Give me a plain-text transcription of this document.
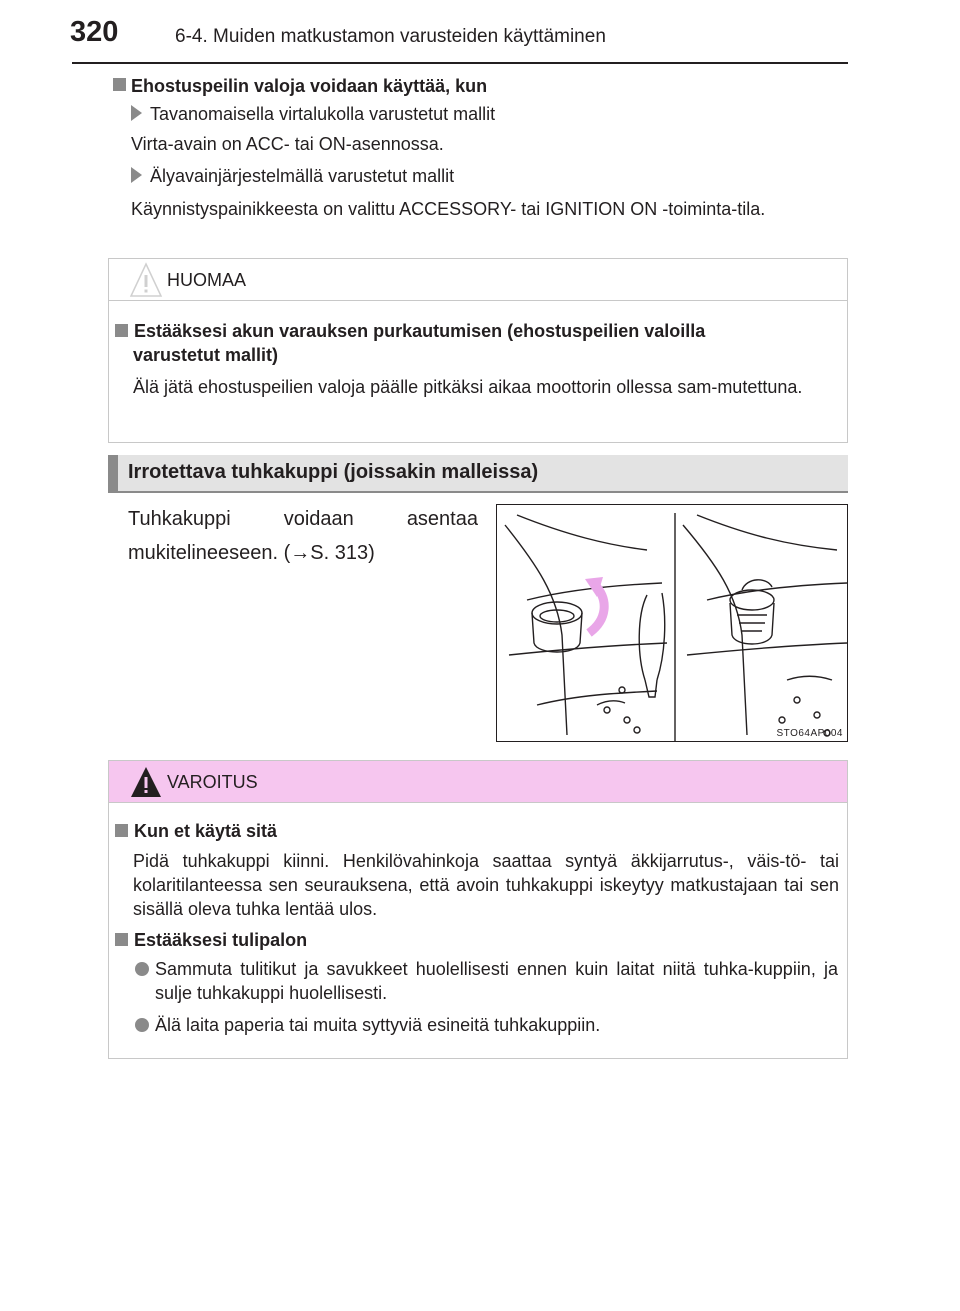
320	6-4. Muiden matkustamon varusteiden käyttäminen
Ehostuspeilin valoja voidaan käyttää, kun
Tavanomaisella virtalukolla varustetut mallit
Virta-avain on ACC- tai ON-asennossa.
Älyavainjärjestelmällä varustetut mallit
Käynnistyspainikkeesta on valittu ACCESSORY- tai IGNITION ON -toiminta-tila.
HUOMAA
Estääksesi akun varauksen purkautumisen (ehostuspeilien valoilla
varustetut mallit)
Älä jätä ehostuspeilien valoja päälle pitkäksi aikaa moottorin ollessa sam-mutettuna.
Irrotettava tuhkakuppi (joissakin malleissa)
Tuhkakuppi	voidaan	asentaa
mukitelineeseen. (→S. 313)
STO64AP004
VAROITUS
Kun et käytä sitä
Pidä tuhkakuppi kiinni. Henkilövahinkoja saattaa syntyä äkkijarrutus-, väis-tö- tai kolaritilanteessa sen seurauksena, että avoin tuhkakuppi iskeytyy matkustajaan tai sen sisällä oleva tuhka lentää ulos.
Estääksesi tulipalon
Sammuta tulitikut ja savukkeet huolellisesti ennen kuin laitat niitä tuhka-kuppiin, ja sulje tuhkakuppi huolellisesti.
Älä laita paperia tai muita syttyviä esineitä tuhkakuppiin.
